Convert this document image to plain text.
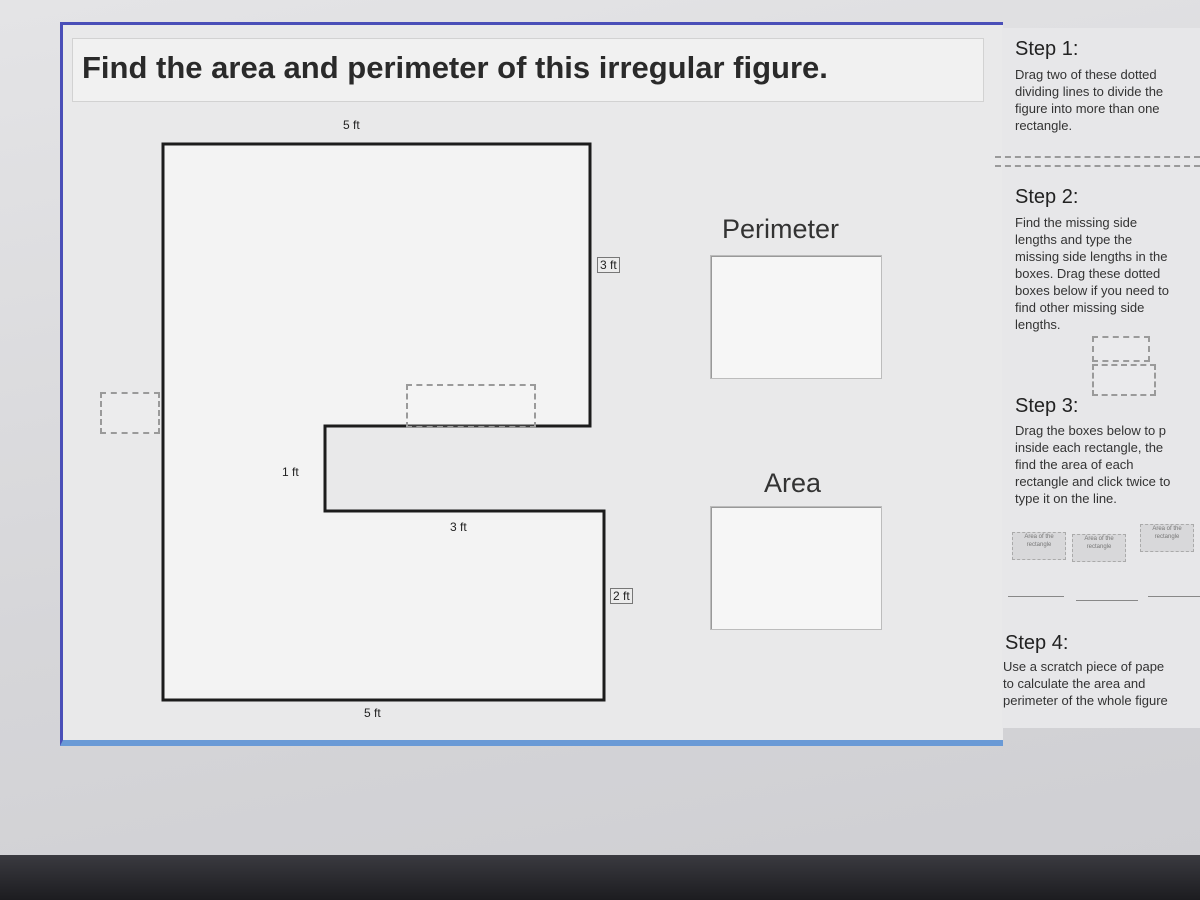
Find the area and perimeter of this irregular figure.
5 ft
5 ft
1 ft
3 ft
3 ft
2 ft
Perimeter
Area
Step 1:
Drag two of these dotted
dividing lines to divide the
figure into more than one
rectangle.
Step 2:
Find the missing side
lengths and type the
missing side lengths in the
boxes. Drag these dotted
boxes below if you need to
find other missing side
lengths.
Step 3:
Drag the boxes below to p
inside each rectangle, the
find the area of each
rectangle and click twice to
type it on the line.
Area of the rectangle
Area of the rectangle
Area of the rectangle
Step 4:
Use a scratch piece of pape
to calculate the area and
perimeter of the whole figure
